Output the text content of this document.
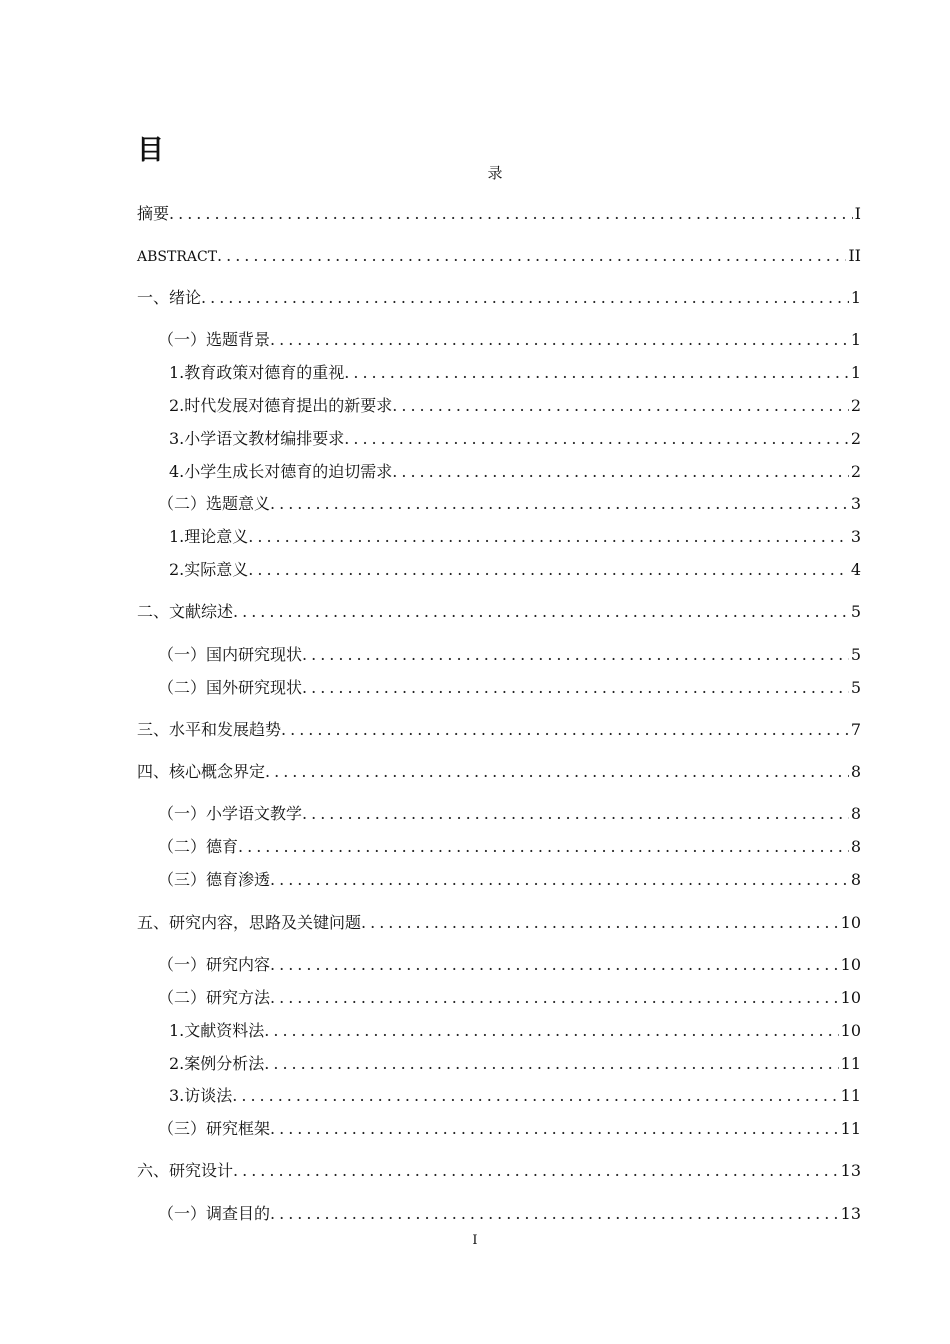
目
录
摘要 .....	I
ABSTRACT .....	II
一、绪论 .....	1
（一）选题背景 .....	1
1.教育政策对德育的重视 .....	1
2.时代发展对德育提出的新要求 .....	2
3.小学语文教材编排要求 .....	2
4.小学生成长对德育的迫切需求 .....	2
（二）选题意义 .....	3
1.理论意义 .....	3
2.实际意义 .....	4
二、文献综述 .....	5
（一）国内研究现状 .....	5
（二）国外研究现状 .....	5
三、水平和发展趋势 .....	7
四、核心概念界定 .....	8
（一）小学语文教学 .....	8
（二）德育 .....	8
（三）德育渗透 .....	8
五、研究内容，思路及关键问题 .....	10
（一）研究内容 .....	10
（二）研究方法 .....	10
1.文献资料法 .....	10
2.案例分析法 .....	11
3.访谈法 .....	11
（三）研究框架 .....	11
六、研究设计 .....	13
（一）调查目的 .....	13
I
